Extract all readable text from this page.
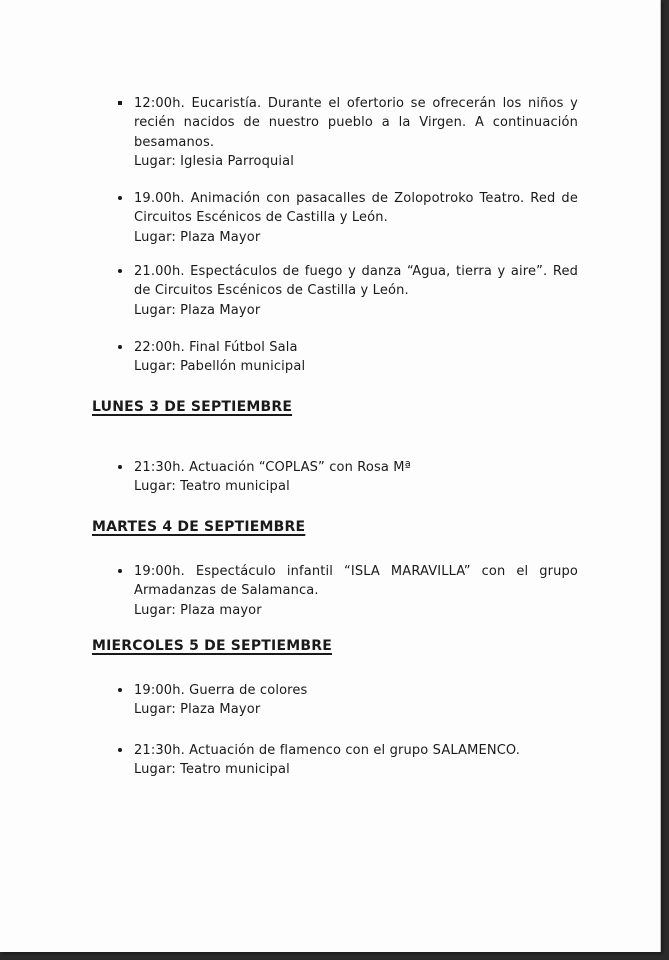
12:00h. Eucaristía. Durante el ofertorio se ofrecerán los niños y recién nacidos de nuestro pueblo a la Virgen. A continuación besamanos.
Lugar: Iglesia Parroquial
19.00h. Animación con pasacalles de Zolopotroko Teatro. Red de Circuitos Escénicos de Castilla y León.
Lugar: Plaza Mayor
21.00h. Espectáculos de fuego y danza “Agua, tierra y aire”. Red de Circuitos Escénicos de Castilla y León.
Lugar: Plaza Mayor
22:00h. Final Fútbol Sala
Lugar: Pabellón municipal
LUNES 3 DE SEPTIEMBRE
21:30h. Actuación “COPLAS” con Rosa Mª
Lugar: Teatro municipal
MARTES 4 DE SEPTIEMBRE
19:00h. Espectáculo infantil “ISLA MARAVILLA” con el grupo Armadanzas de Salamanca.
Lugar: Plaza mayor
MIERCOLES 5 DE SEPTIEMBRE
19:00h. Guerra de colores
Lugar: Plaza Mayor
21:30h. Actuación de flamenco con el grupo SALAMENCO.
Lugar: Teatro municipal
